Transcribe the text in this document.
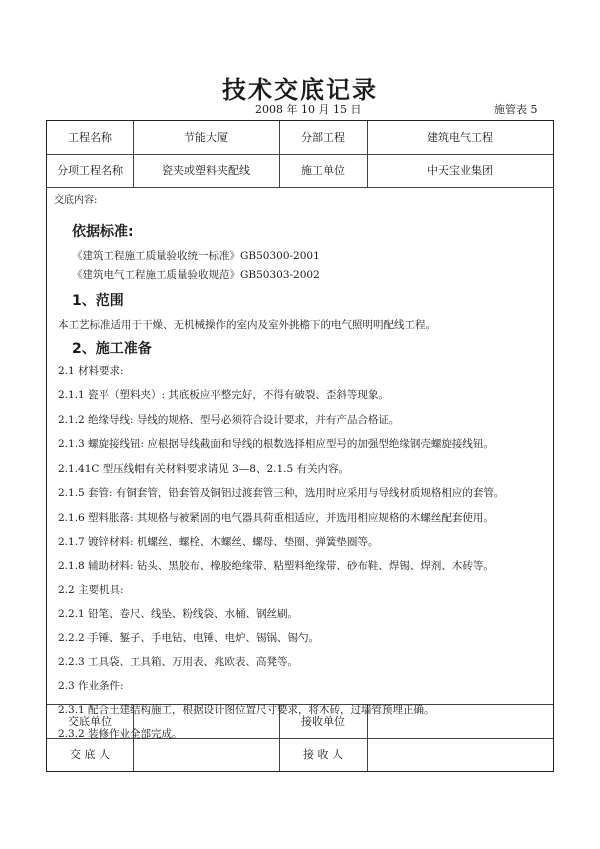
技术交底记录
2008 年 10 月 15 日	施管表 5
工程名称	节能大厦	分部工程	建筑电气工程
分项工程名称	瓷夹或塑料夹配线	施工单位	中天宝业集团
交底内容:
依据标准:
《建筑工程施工质量验收统一标准》GB50300-2001
《建筑电气工程施工质量验收规范》GB50303-2002
1、范围
本工艺标准适用于干燥、无机械操作的室内及室外挑檐下的电气照明明配线工程。
2、施工准备
2.1 材料要求:
2.1.1 瓷平（塑料夹）: 其底板应平整完好，不得有破裂、歪斜等现象。
2.1.2 绝缘导线: 导线的规格、型号必须符合设计要求，并有产品合格证。
2.1.3 螺旋接线钮: 应根据导线截面和导线的根数选择相应型号的加强型绝缘钢壳螺旋接线钮。
2.1.41C 型压线帽有关材料要求请见 3—8、2.1.5 有关内容。
2.1.5 套管: 有铜套管，铅套管及铜铝过渡套管三种，选用时应采用与导线材质规格相应的套管。
2.1.6 塑料胀落: 其规格与被紧固的电气器具荷重相适应，并选用相应规格的木螺丝配套使用。
2.1.7 镀锌材料: 机螺丝、螺栓、木螺丝、螺母、垫圈、弹簧垫圈等。
2.1.8 辅助材料: 钻头、黑胶布、橡胶绝缘带、粘塑料绝缘带、砂布鞋、焊锡、焊剂、木砖等。
2.2 主要机具:
2.2.1 铅笔、卷尺、线坠、粉线袋、水桶、钢丝刷。
2.2.2 手锤、錾子、手电钻、电锤、电炉、锡锅、锡勺。
2.2.3 工具袋、工具箱、万用表、兆欧表、高凳等。
2.3 作业条件:
2.3.1 配合土建结构施工，根据设计图位置尺寸要求，将木砖，过墙管预埋正确。
2.3.2 装修作业全部完成。
交底单位	接收单位
交 底 人	接 收 人
